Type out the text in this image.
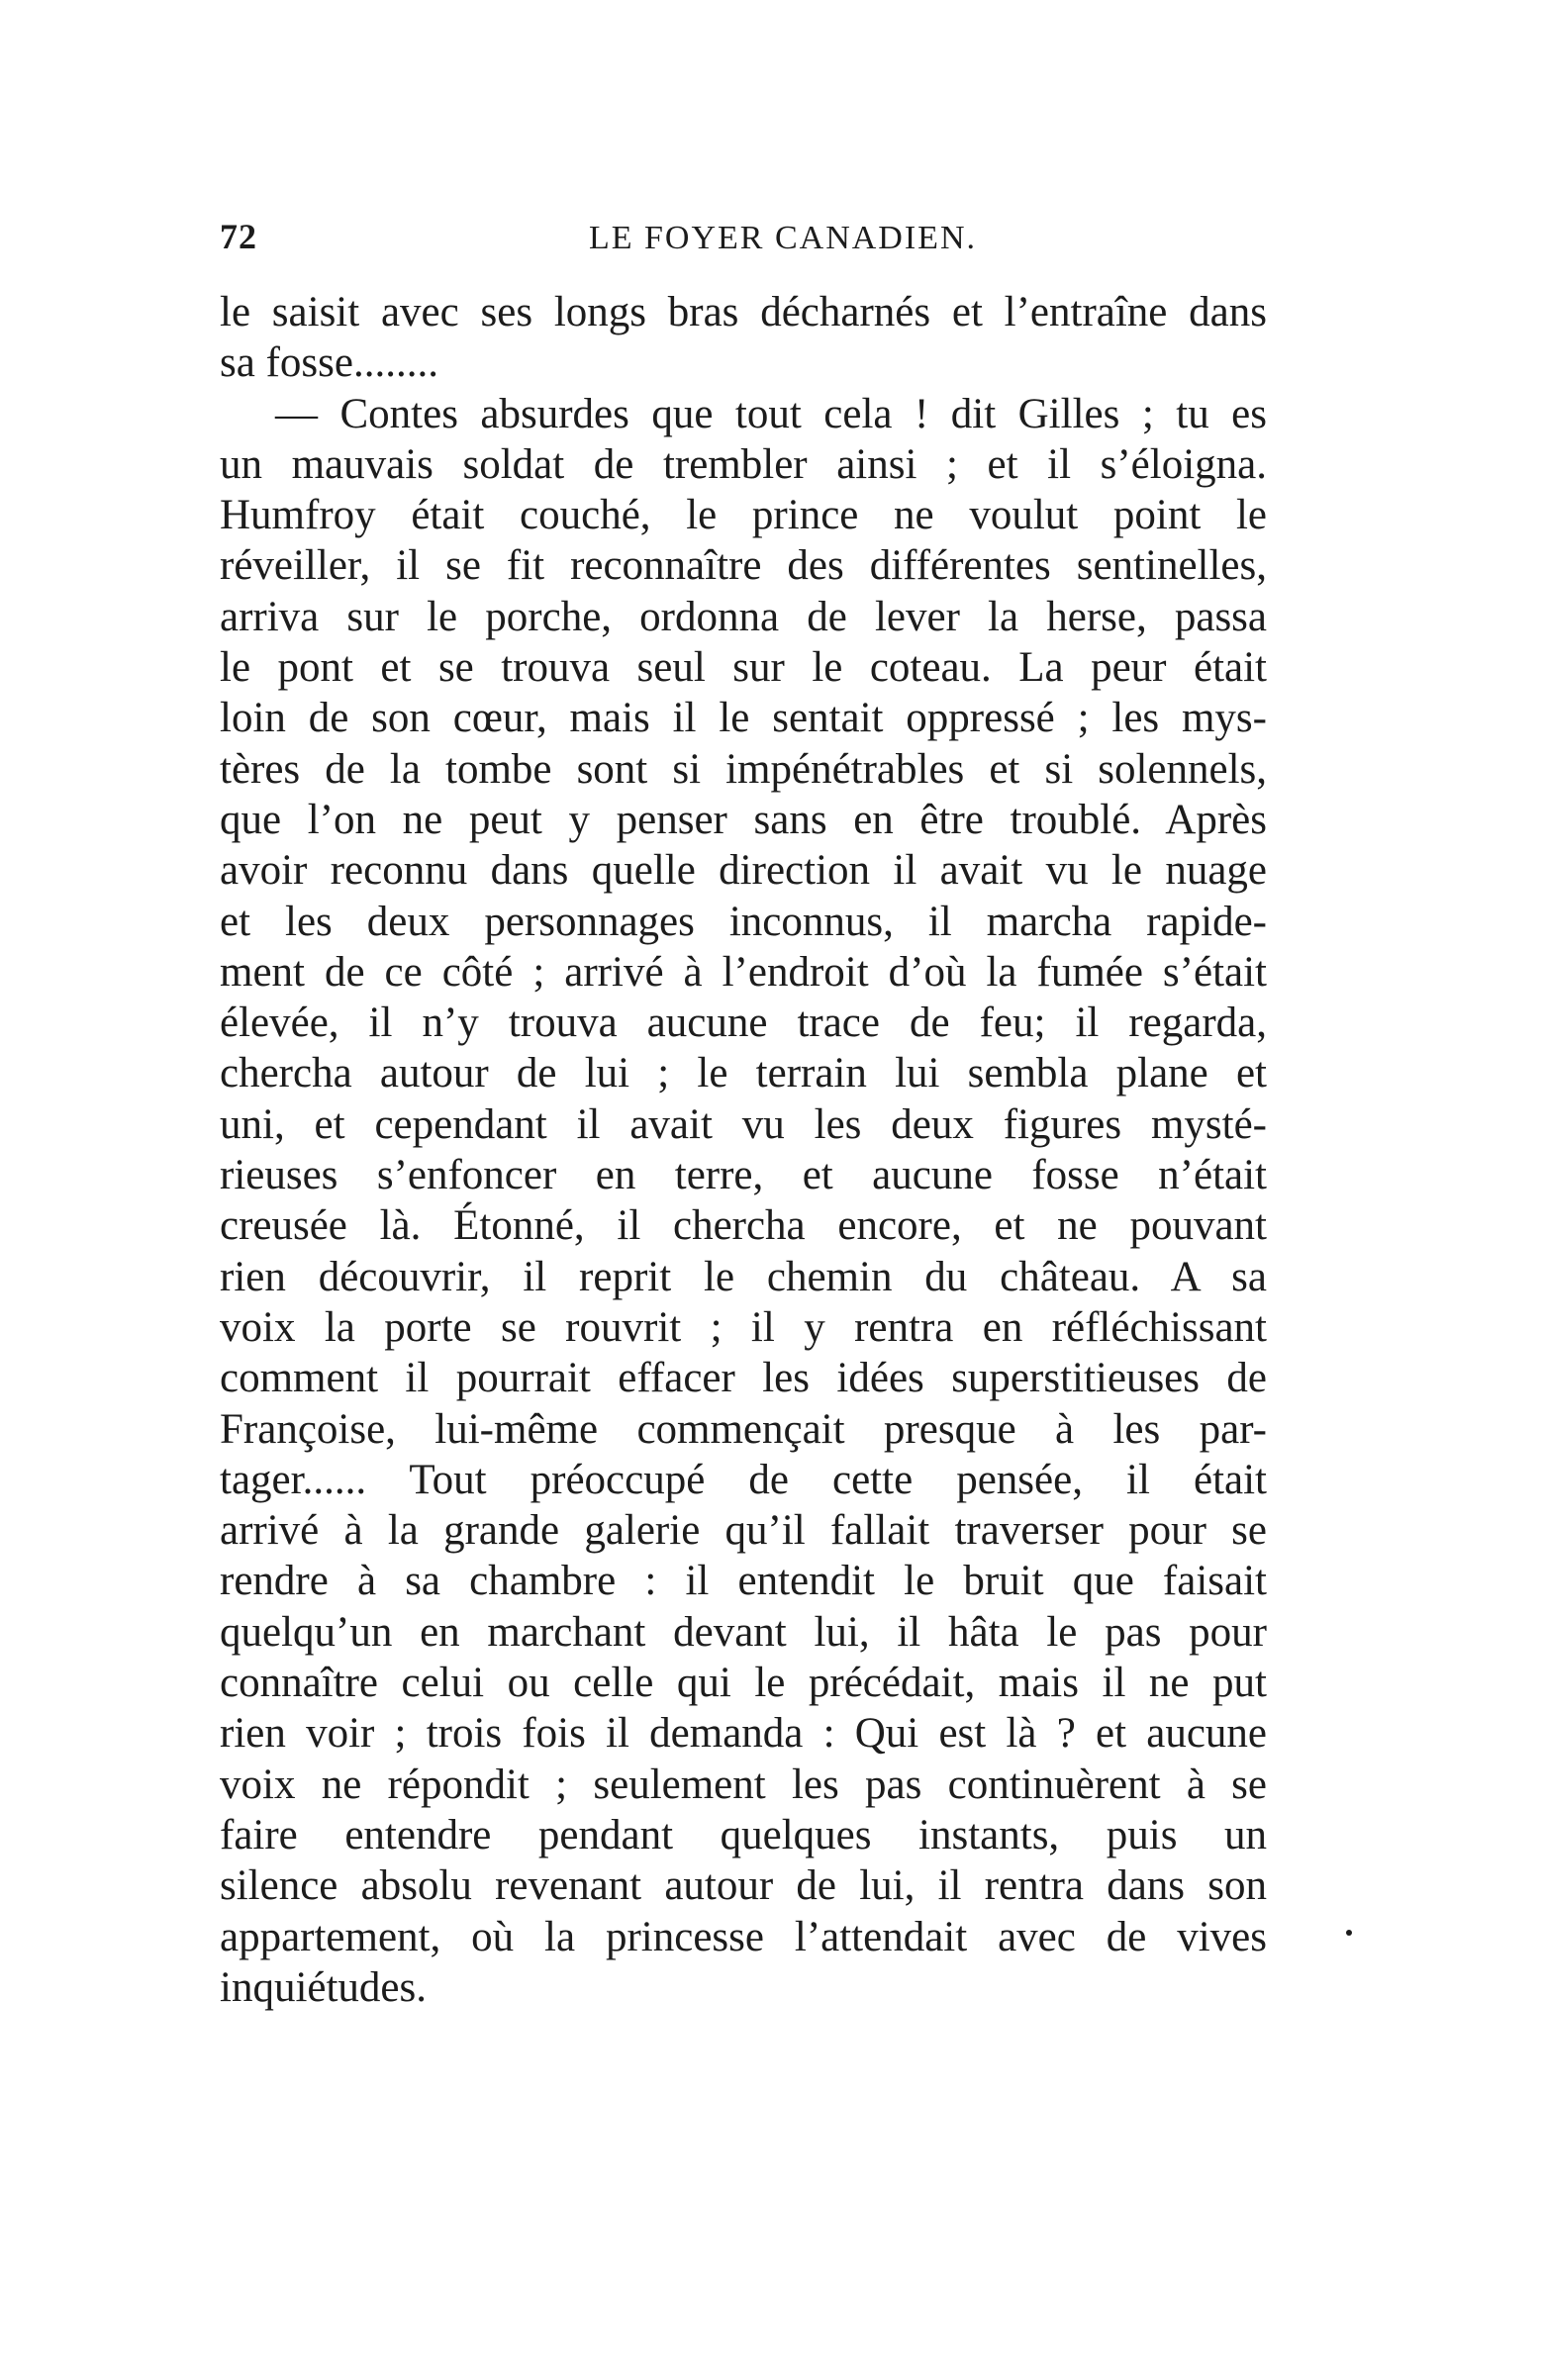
72	LE FOYER CANADIEN.
le saisit avec ses longs bras décharnés et l’entraîne dans
sa fosse........
— Contes absurdes que tout cela ! dit Gilles ; tu es
un mauvais soldat de trembler ainsi ; et il s’éloigna.
Humfroy était couché, le prince ne voulut point le
réveiller, il se fit reconnaître des différentes sentinelles,
arriva sur le porche, ordonna de lever la herse, passa
le pont et se trouva seul sur le coteau. La peur était
loin de son cœur, mais il le sentait oppressé ; les mys-
tères de la tombe sont si impénétrables et si solennels,
que l’on ne peut y penser sans en être troublé. Après
avoir reconnu dans quelle direction il avait vu le nuage
et les deux personnages inconnus, il marcha rapide-
ment de ce côté ; arrivé à l’endroit d’où la fumée s’était
élevée, il n’y trouva aucune trace de feu; il regarda,
chercha autour de lui ; le terrain lui sembla plane et
uni, et cependant il avait vu les deux figures mysté-
rieuses s’enfoncer en terre, et aucune fosse n’était
creusée là. Étonné, il chercha encore, et ne pouvant
rien découvrir, il reprit le chemin du château. A sa
voix la porte se rouvrit ; il y rentra en réfléchissant
comment il pourrait effacer les idées superstitieuses de
Françoise, lui-même commençait presque à les par-
tager...... Tout préoccupé de cette pensée, il était
arrivé à la grande galerie qu’il fallait traverser pour se
rendre à sa chambre : il entendit le bruit que faisait
quelqu’un en marchant devant lui, il hâta le pas pour
connaître celui ou celle qui le précédait, mais il ne put
rien voir ; trois fois il demanda : Qui est là ? et aucune
voix ne répondit ; seulement les pas continuèrent à se
faire entendre pendant quelques instants, puis un
silence absolu revenant autour de lui, il rentra dans son
appartement, où la princesse l’attendait avec de vives
inquiétudes.
